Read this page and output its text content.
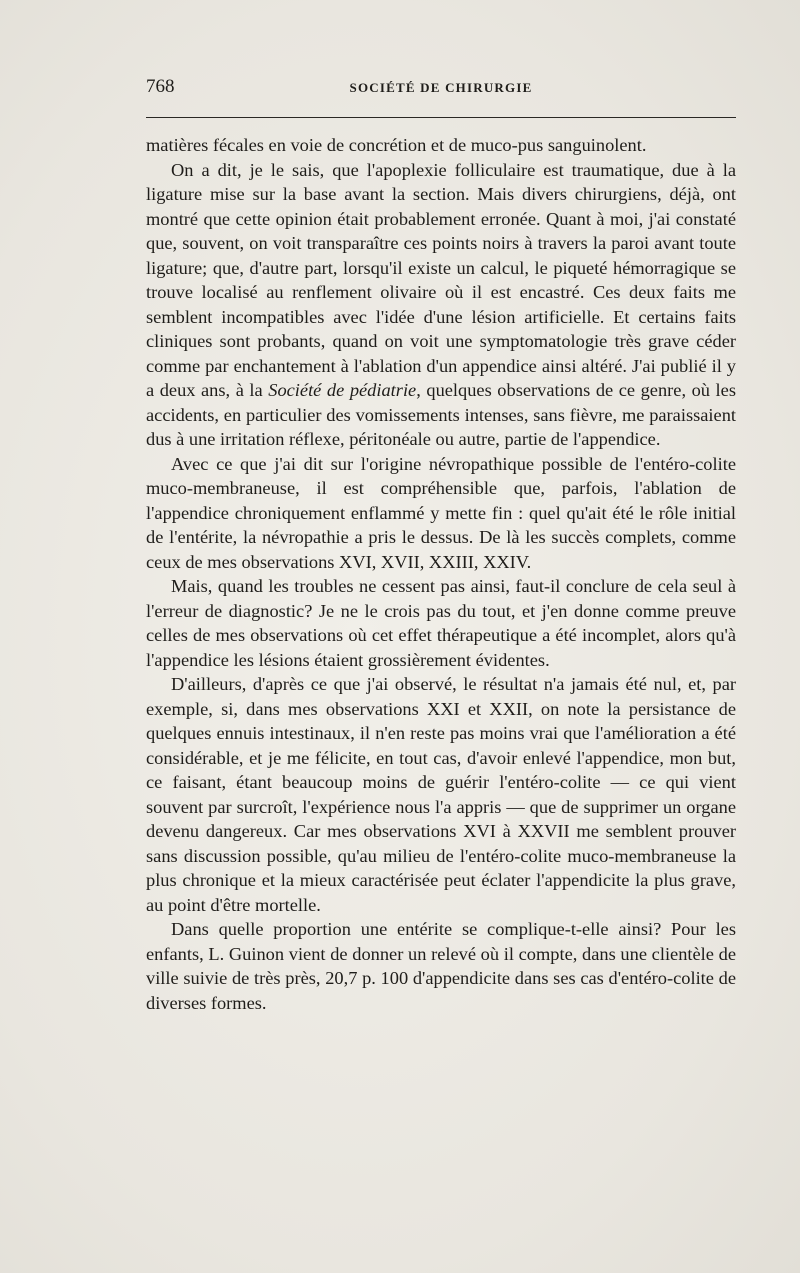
768	SOCIÉTÉ DE CHIRURGIE

matières fécales en voie de concrétion et de muco-pus sanguinolent.

On a dit, je le sais, que l'apoplexie folliculaire est traumatique, due à la ligature mise sur la base avant la section. Mais divers chirurgiens, déjà, ont montré que cette opinion était probablement erronée. Quant à moi, j'ai constaté que, souvent, on voit transparaître ces points noirs à travers la paroi avant toute ligature; que, d'autre part, lorsqu'il existe un calcul, le piqueté hémorragique se trouve localisé au renflement olivaire où il est encastré. Ces deux faits me semblent incompatibles avec l'idée d'une lésion artificielle. Et certains faits cliniques sont probants, quand on voit une symptomatologie très grave céder comme par enchantement à l'ablation d'un appendice ainsi altéré. J'ai publié il y a deux ans, à la Société de pédiatrie, quelques observations de ce genre, où les accidents, en particulier des vomissements intenses, sans fièvre, me paraissaient dus à une irritation réflexe, péritonéale ou autre, partie de l'appendice.

Avec ce que j'ai dit sur l'origine névropathique possible de l'entéro-colite muco-membraneuse, il est compréhensible que, parfois, l'ablation de l'appendice chroniquement enflammé y mette fin : quel qu'ait été le rôle initial de l'entérite, la névropathie a pris le dessus. De là les succès complets, comme ceux de mes observations XVI, XVII, XXIII, XXIV.

Mais, quand les troubles ne cessent pas ainsi, faut-il conclure de cela seul à l'erreur de diagnostic? Je ne le crois pas du tout, et j'en donne comme preuve celles de mes observations où cet effet thérapeutique a été incomplet, alors qu'à l'appendice les lésions étaient grossièrement évidentes.

D'ailleurs, d'après ce que j'ai observé, le résultat n'a jamais été nul, et, par exemple, si, dans mes observations XXI et XXII, on note la persistance de quelques ennuis intestinaux, il n'en reste pas moins vrai que l'amélioration a été considérable, et je me félicite, en tout cas, d'avoir enlevé l'appendice, mon but, ce faisant, étant beaucoup moins de guérir l'entéro-colite — ce qui vient souvent par surcroît, l'expérience nous l'a appris — que de supprimer un organe devenu dangereux. Car mes observations XVI à XXVII me semblent prouver sans discussion possible, qu'au milieu de l'entéro-colite muco-membraneuse la plus chronique et la mieux caractérisée peut éclater l'appendicite la plus grave, au point d'être mortelle.

Dans quelle proportion une entérite se complique-t-elle ainsi? Pour les enfants, L. Guinon vient de donner un relevé où il compte, dans une clientèle de ville suivie de très près, 20,7 p. 100 d'appendicite dans ses cas d'entéro-colite de diverses formes.
